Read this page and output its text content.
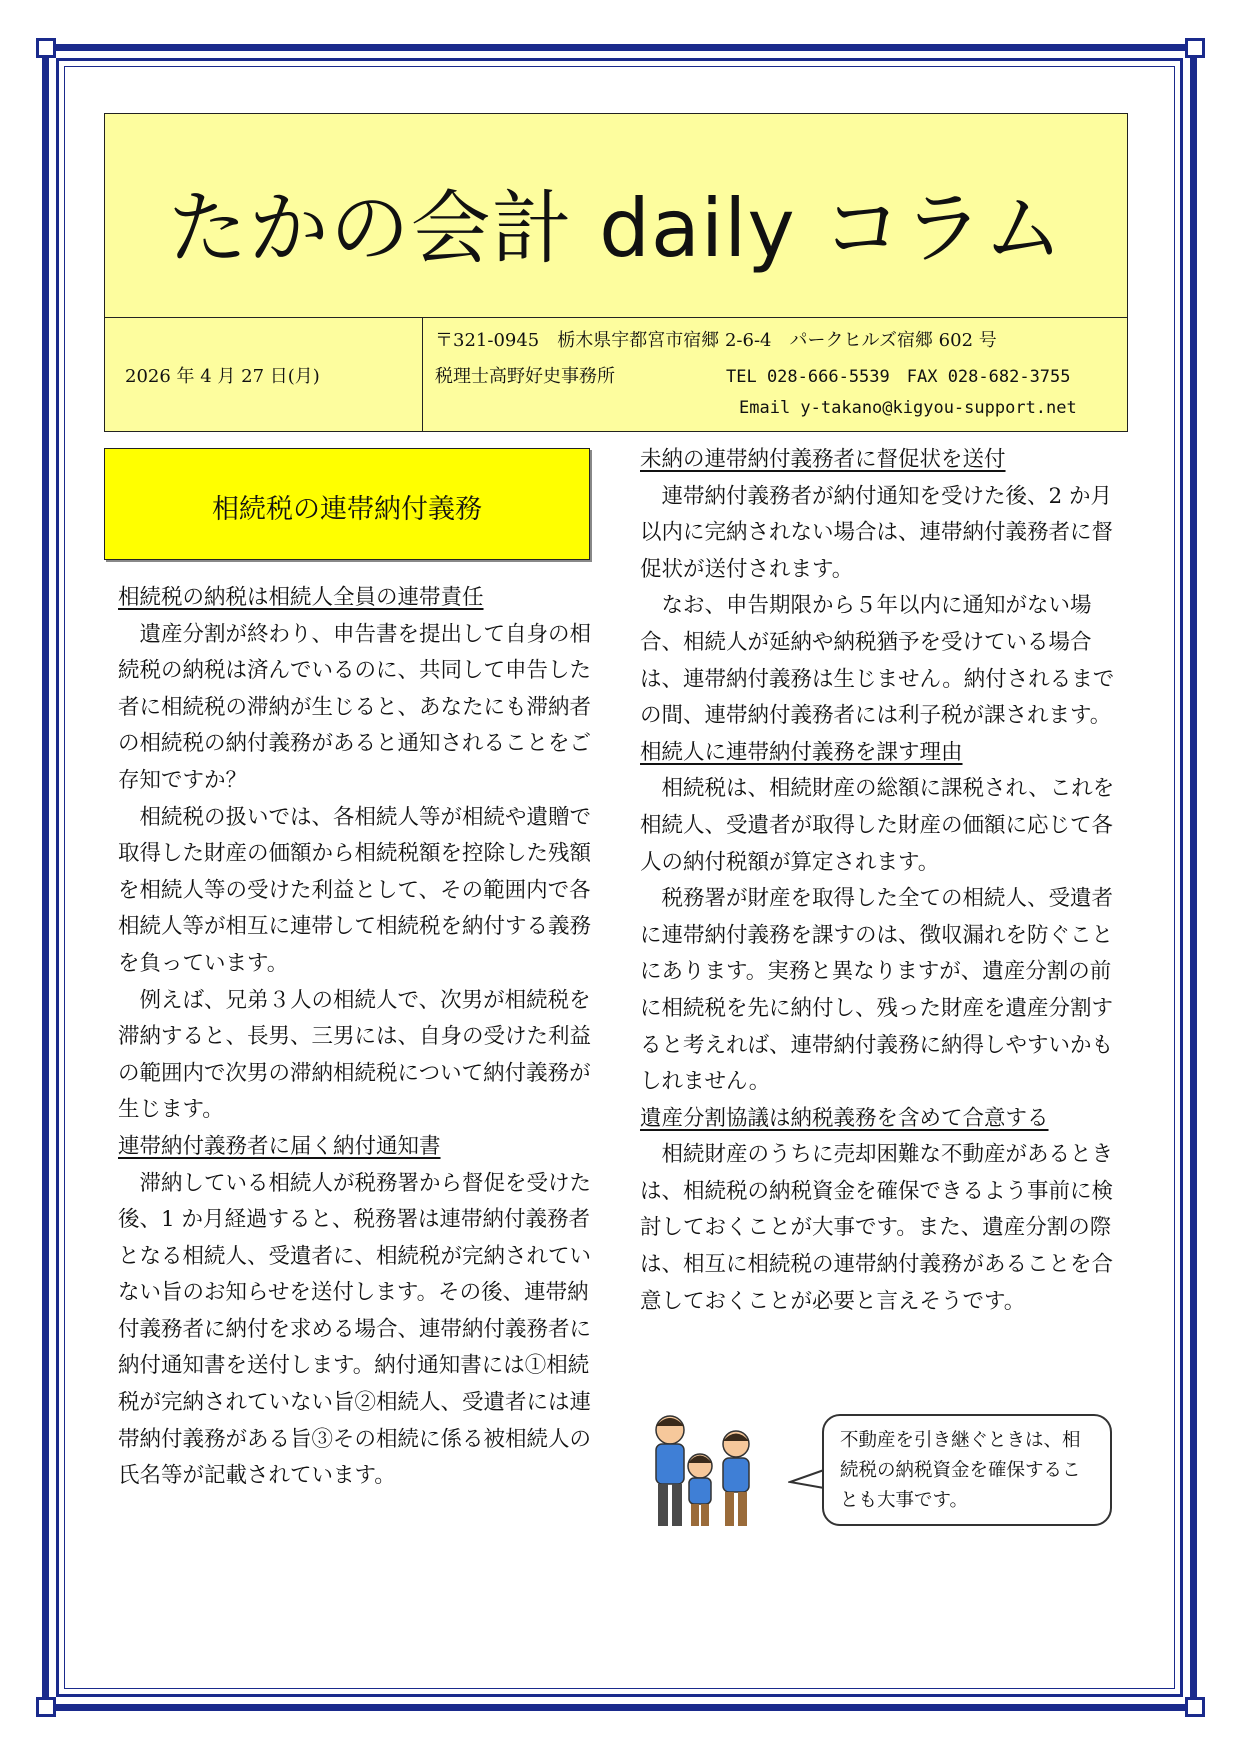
たかの会計 daily コラム
2026 年 4 月 27 日(月)
〒321-0945　栃木県宇都宮市宿郷 2-6-4　パークヒルズ宿郷 602 号
税理士高野好史事務所	TEL 028-666-5539　FAX 028-682-3755
Email y-takano@kigyou-support.net
相続税の連帯納付義務

相続税の納税は相続人全員の連帯責任

遺産分割が終わり、申告書を提出して自身の相続税の納税は済んでいるのに、共同して申告した者に相続税の滞納が生じると、あなたにも滞納者の相続税の納付義務があると通知されることをご存知ですか？

相続税の扱いでは、各相続人等が相続や遺贈で取得した財産の価額から相続税額を控除した残額を相続人等の受けた利益として、その範囲内で各相続人等が相互に連帯して相続税を納付する義務を負っています。

例えば、兄弟３人の相続人で、次男が相続税を滞納すると、長男、三男には、自身の受けた利益の範囲内で次男の滞納相続税について納付義務が生じます。

連帯納付義務者に届く納付通知書

滞納している相続人が税務署から督促を受けた後、1 か月経過すると、税務署は連帯納付義務者となる相続人、受遺者に、相続税が完納されていない旨のお知らせを送付します。その後、連帯納付義務者に納付を求める場合、連帯納付義務者に納付通知書を送付します。納付通知書には①相続税が完納されていない旨②相続人、受遺者には連帯納付義務がある旨③その相続に係る被相続人の氏名等が記載されています。

未納の連帯納付義務者に督促状を送付

連帯納付義務者が納付通知を受けた後、2 か月以内に完納されない場合は、連帯納付義務者に督促状が送付されます。

なお、申告期限から５年以内に通知がない場合、相続人が延納や納税猶予を受けている場合は、連帯納付義務は生じません。納付されるまでの間、連帯納付義務者には利子税が課されます。

相続人に連帯納付義務を課す理由

相続税は、相続財産の総額に課税され、これを相続人、受遺者が取得した財産の価額に応じて各人の納付税額が算定されます。

税務署が財産を取得した全ての相続人、受遺者に連帯納付義務を課すのは、徴収漏れを防ぐことにあります。実務と異なりますが、遺産分割の前に相続税を先に納付し、残った財産を遺産分割すると考えれば、連帯納付義務に納得しやすいかもしれません。

遺産分割協議は納税義務を含めて合意する

相続財産のうちに売却困難な不動産があるときは、相続税の納税資金を確保できるよう事前に検討しておくことが大事です。また、遺産分割の際は、相互に相続税の連帯納付義務があることを合意しておくことが必要と言えそうです。

不動産を引き継ぐときは、相続税の納税資金を確保することも大事です。
